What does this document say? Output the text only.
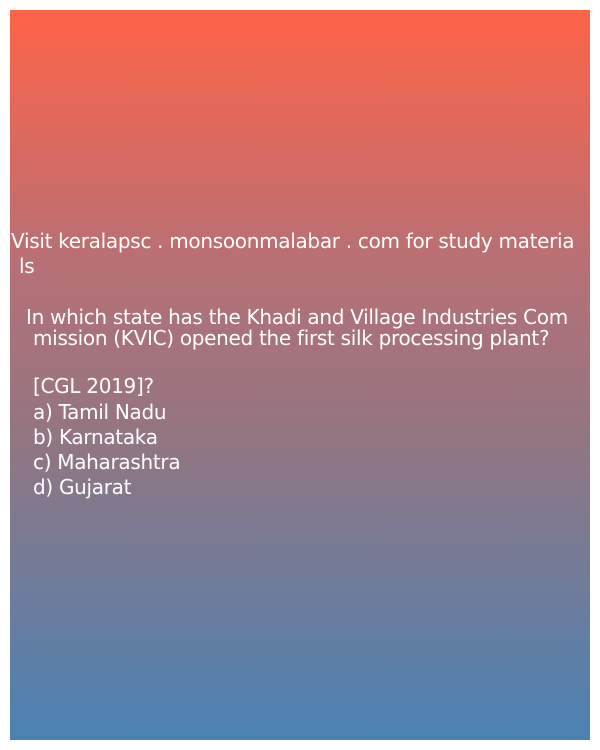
Visit keralapsc . monsoonmalabar . com for study materia
ls
In which state has the Khadi and Village Industries Com
mission (KVIC) opened the first silk processing plant?
[CGL 2019]?
a) Tamil Nadu
b) Karnataka
c) Maharashtra
d) Gujarat
